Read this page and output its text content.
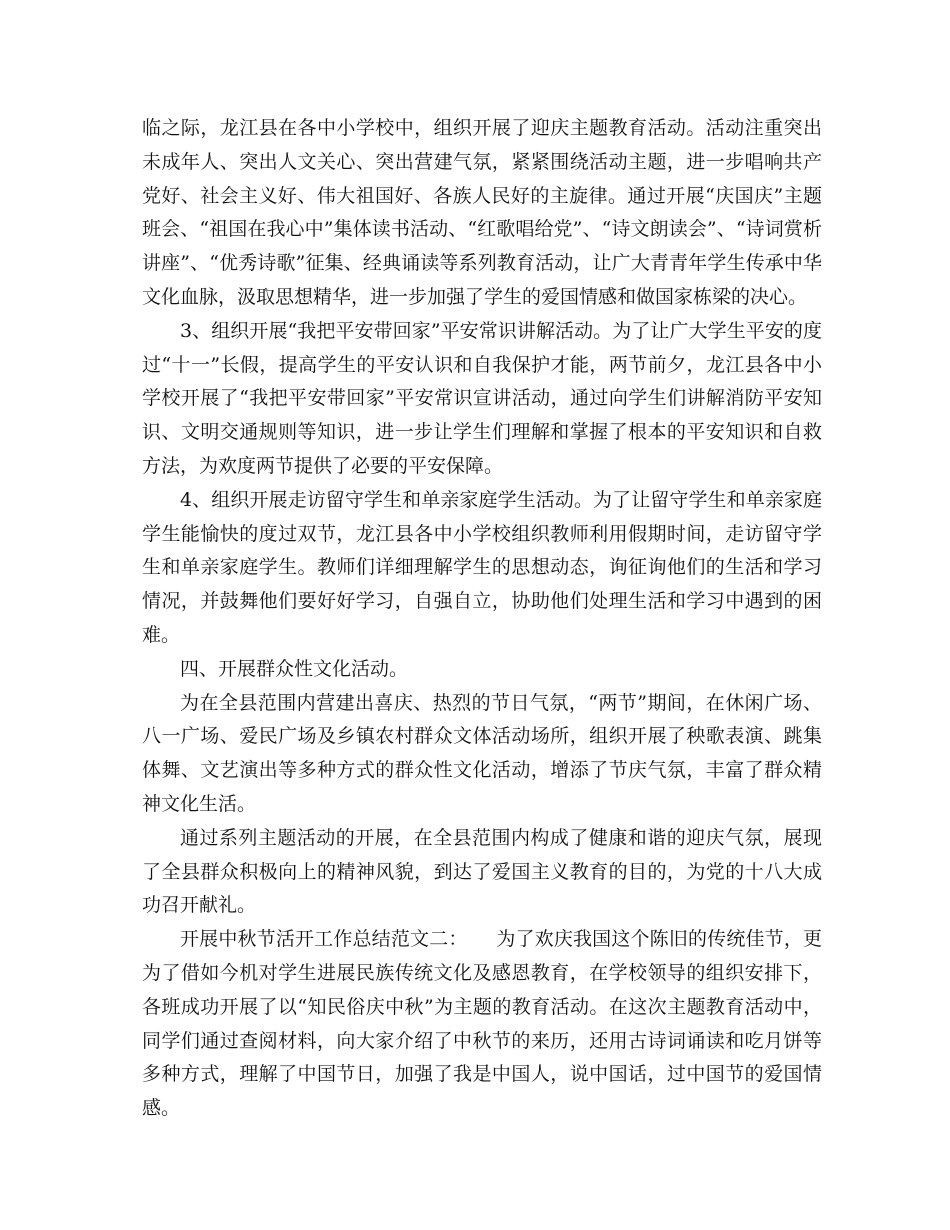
临之际，龙江县在各中小学校中，组织开展了迎庆主题教育活动。活动注重突出未成年人、突出人文关心、突出营建气氛，紧紧围绕活动主题，进一步唱响共产党好、社会主义好、伟大祖国好、各族人民好的主旋律。通过开展“庆国庆”主题班会、“祖国在我心中”集体读书活动、“红歌唱给党”、“诗文朗读会”、“诗词赏析讲座”、“优秀诗歌”征集、经典诵读等系列教育活动，让广大青青年学生传承中华文化血脉，汲取思想精华，进一步加强了学生的爱国情感和做国家栋梁的决心。

3、组织开展“我把平安带回家”平安常识讲解活动。为了让广大学生平安的度过“十一”长假，提高学生的平安认识和自我保护才能，两节前夕，龙江县各中小学校开展了“我把平安带回家”平安常识宣讲活动，通过向学生们讲解消防平安知识、文明交通规则等知识，进一步让学生们理解和掌握了根本的平安知识和自救方法，为欢度两节提供了必要的平安保障。

4、组织开展走访留守学生和单亲家庭学生活动。为了让留守学生和单亲家庭学生能愉快的度过双节，龙江县各中小学校组织教师利用假期时间，走访留守学生和单亲家庭学生。教师们详细理解学生的思想动态，询征询他们的生活和学习情况，并鼓舞他们要好好学习，自强自立，协助他们处理生活和学习中遇到的困难。

四、开展群众性文化活动。

为在全县范围内营建出喜庆、热烈的节日气氛，“两节”期间，在休闲广场、八一广场、爱民广场及乡镇农村群众文体活动场所，组织开展了秧歌表演、跳集体舞、文艺演出等多种方式的群众性文化活动，增添了节庆气氛，丰富了群众精神文化生活。

通过系列主题活动的开展，在全县范围内构成了健康和谐的迎庆气氛，展现了全县群众积极向上的精神风貌，到达了爱国主义教育的目的，为党的十八大成功召开献礼。

开展中秋节活开工作总结范文二：　　为了欢庆我国这个陈旧的传统佳节，更为了借如今机对学生进展民族传统文化及感恩教育，在学校领导的组织安排下，各班成功开展了以“知民俗庆中秋”为主题的教育活动。在这次主题教育活动中，同学们通过查阅材料，向大家介绍了中秋节的来历，还用古诗词诵读和吃月饼等多种方式，理解了中国节日，加强了我是中国人，说中国话，过中国节的爱国情感。
